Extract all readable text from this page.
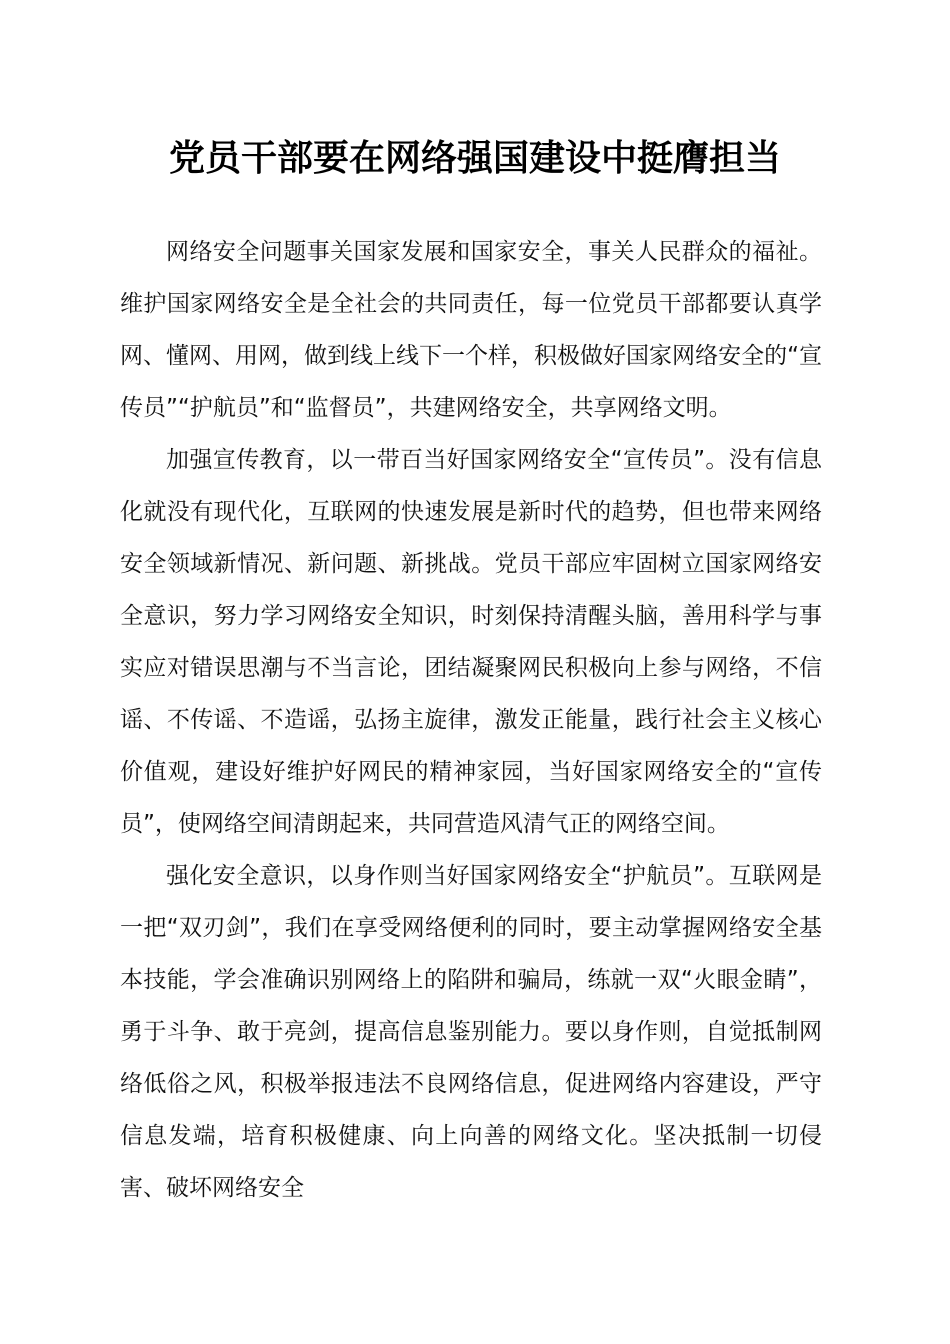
党员干部要在网络强国建设中挺膺担当

网络安全问题事关国家发展和国家安全，事关人民群众的福祉。维护国家网络安全是全社会的共同责任，每一位党员干部都要认真学网、懂网、用网，做到线上线下一个样，积极做好国家网络安全的“宣传员”“护航员”和“监督员”，共建网络安全，共享网络文明。

加强宣传教育，以一带百当好国家网络安全“宣传员”。没有信息化就没有现代化，互联网的快速发展是新时代的趋势，但也带来网络安全领域新情况、新问题、新挑战。党员干部应牢固树立国家网络安全意识，努力学习网络安全知识，时刻保持清醒头脑，善用科学与事实应对错误思潮与不当言论，团结凝聚网民积极向上参与网络，不信谣、不传谣、不造谣，弘扬主旋律，激发正能量，践行社会主义核心价值观，建设好维护好网民的精神家园，当好国家网络安全的“宣传员”，使网络空间清朗起来，共同营造风清气正的网络空间。

强化安全意识，以身作则当好国家网络安全“护航员”。互联网是一把“双刃剑”，我们在享受网络便利的同时，要主动掌握网络安全基本技能，学会准确识别网络上的陷阱和骗局，练就一双“火眼金睛”，勇于斗争、敢于亮剑，提高信息鉴别能力。要以身作则，自觉抵制网络低俗之风，积极举报违法不良网络信息，促进网络内容建设，严守信息发端，培育积极健康、向上向善的网络文化。坚决抵制一切侵害、破坏网络安全
